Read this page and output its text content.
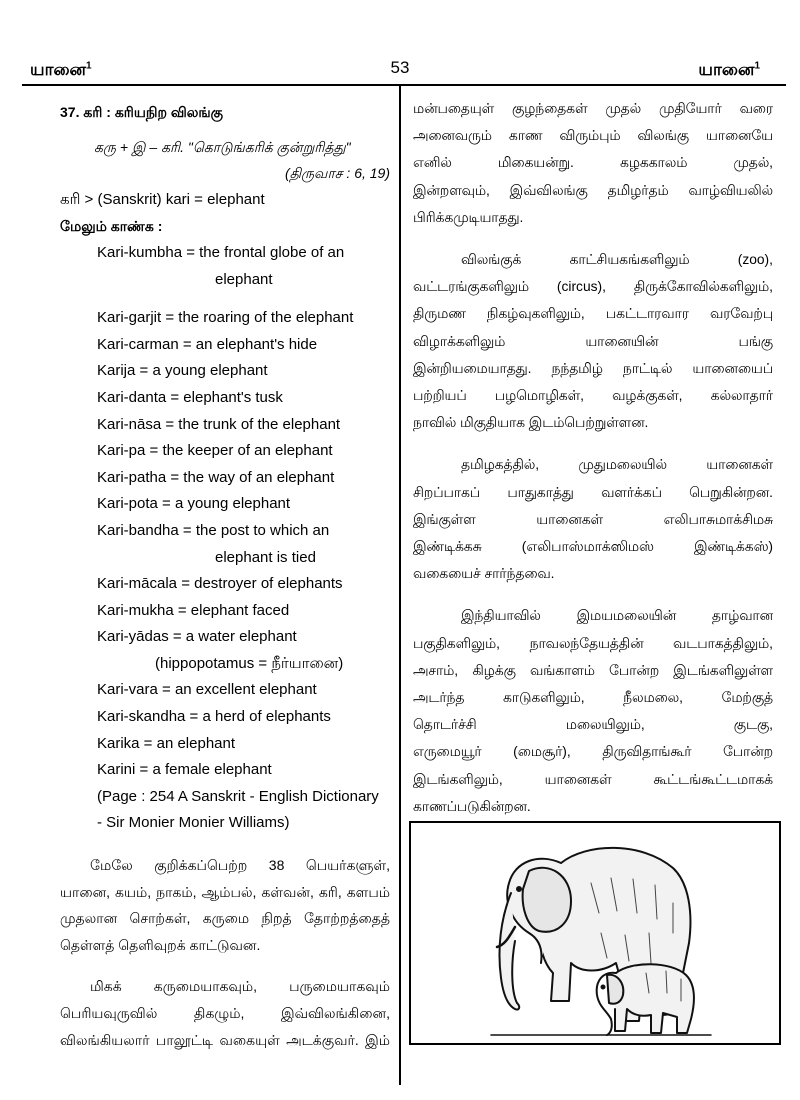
யானை$^1$	53	யானை$^1$
37. கரி : கரியநிற விலங்கு
கரு + இ – கரி. "கொடுங்கரிக் குன்றுரித்து"
(திருவாச : 6, 19)
கரி > (Sanskrit) kari = elephant
மேலும் காண்க :
Kari-kumbha = the frontal globe of an
elephant
Kari-garjit = the roaring of the elephant
Kari-carman = an elephant's hide
Karija = a young elephant
Kari-danta = elephant's tusk
Kari-nāsa = the trunk of the elephant
Kari-pa = the keeper of an elephant
Kari-patha = the way of an elephant
Kari-pota = a young elephant
Kari-bandha = the post to which an
elephant is tied
Kari-mācala = destroyer of elephants
Kari-mukha = elephant faced
Kari-yādas = a water elephant
(hippopotamus = நீர்யானை)
Kari-vara = an excellent elephant
Kari-skandha = a herd of elephants
Karika = an elephant
Karini = a female elephant
(Page : 254 A Sanskrit - English Dictionary
- Sir Monier Monier Williams)
மேலே குறிக்கப்பெற்ற 38 பெயர்களுள்,
யானை, கயம், நாகம், ஆம்பல், கள்வன், கரி, களபம்
முதலான சொற்கள், கருமை நிறத் தோற்றத்தைத்
தெள்ளத் தெளிவுறக் காட்டுவன.
மிகக் கருமையாகவும், பருமையாகவும்
பெரியவுருவில் திகழும், இவ்விலங்கினை,
விலங்கியலார் பாலூட்டி வகையுள் அடக்குவர். இம்
மன்பதையுள் குழந்தைகள் முதல் முதியோர் வரை
அனைவரும் காண விரும்பும் விலங்கு யானையே
எனில் மிகையன்று. கழககாலம் முதல்,
இன்றளவும், இவ்விலங்கு தமிழர்தம் வாழ்வியலில்
பிரிக்கமுடியாதது.
விலங்குக் காட்சியகங்களிலும் (zoo),
வட்டரங்குகளிலும் (circus), திருக்கோவில்களிலும்,
திருமண நிகழ்வுகளிலும், பகட்டாரவார வரவேற்பு
விழாக்களிலும் யானையின் பங்கு
இன்றியமையாதது. நந்தமிழ் நாட்டில் யானையைப்
பற்றியப் பழமொழிகள், வழக்குகள், கல்லாதார்
நாவில் மிகுதியாக இடம்பெற்றுள்ளன.
தமிழகத்தில், முதுமலையில் யானைகள்
சிறப்பாகப் பாதுகாத்து வளர்க்கப் பெறுகின்றன.
இங்குள்ள யானைகள் எலிபாசுமாக்சிமசு
இண்டிக்கசு (எலிபாஸ்மாக்ஸிமஸ் இண்டிக்கஸ்)
வகையைச் சார்ந்தவை.
இந்தியாவில் இமயமலையின் தாழ்வான
பகுதிகளிலும், நாவலந்தேயத்தின் வடபாகத்திலும்,
அசாம், கிழக்கு வங்காளம் போன்ற இடங்களிலுள்ள
அடர்ந்த காடுகளிலும், நீலமலை, மேற்குத்
தொடர்ச்சி மலையிலும், குடகு,
எருமையூர் (மைசூர்), திருவிதாங்கூர் போன்ற
இடங்களிலும், யானைகள் கூட்டங்கூட்டமாகக்
காணப்படுகின்றன.
